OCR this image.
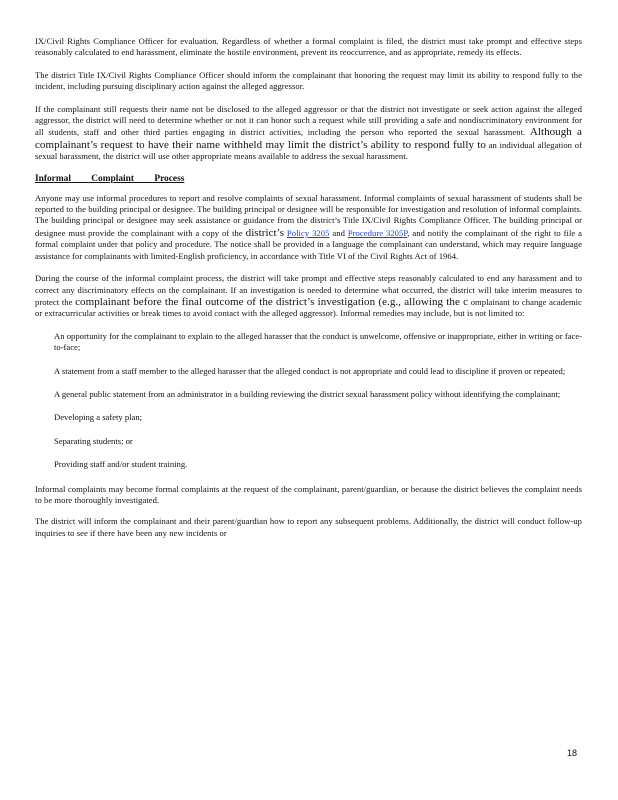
IX/Civil Rights Compliance Officer for evaluation. Regardless of whether a formal complaint is filed, the district must take prompt and effective steps reasonably calculated to end harassment, eliminate the hostile environment, prevent its reoccurrence, and as appropriate, remedy its effects.

The district Title IX/Civil Rights Compliance Officer should inform the complainant that honoring the request may limit its ability to respond fully to the incident, including pursuing disciplinary action against the alleged aggressor.

If the complainant still requests their name not be disclosed to the alleged aggressor or that the district not investigate or seek action against the alleged aggressor, the district will need to determine whether or not it can honor such a request while still providing a safe and nondiscriminatory environment for all students, staff and other third parties engaging in district activities, including the person who reported the sexual harassment. Although a complainant’s request to have their name withheld may limit the district’s ability to respond fully to an individual allegation of sexual harassment, the district will use other appropriate means available to address the sexual harassment.

Informal Complaint Process

Anyone may use informal procedures to report and resolve complaints of sexual harassment. Informal complaints of sexual harassment of students shall be reported to the building principal or designee. The building principal or designee will be responsible for investigation and resolution of informal complaints. The building principal or designee may seek assistance or guidance from the district’s Title IX/Civil Rights Compliance Officer. The building principal or designee must provide the complainant with a copy of the district’s Policy 3205 and Procedure 3205P, and notify the complainant of the right to file a formal complaint under that policy and procedure. The notice shall be provided in a language the complainant can understand, which may require language assistance for complainants with limited-English proficiency, in accordance with Title VI of the Civil Rights Act of 1964.

During the course of the informal complaint process, the district will take prompt and effective steps reasonably calculated to end any harassment and to correct any discriminatory effects on the complainant. If an investigation is needed to determine what occurred, the district will take interim measures to protect the complainant before the final outcome of the district’s investigation (e.g., allowing the c omplainant to change academic or extracurricular activities or break times to avoid contact with the alleged aggressor). Informal remedies may include, but is not limited to:

An opportunity for the complainant to explain to the alleged harasser that the conduct is unwelcome, offensive or inappropriate, either in writing or face-to-face;
A statement from a staff member to the alleged harasser that the alleged conduct is not appropriate and could lead to discipline if proven or repeated;
A general public statement from an administrator in a building reviewing the district sexual harassment policy without identifying the complainant;
Developing a safety plan;
Separating students; or
Providing staff and/or student training.

Informal complaints may become formal complaints at the request of the complainant, parent/guardian, or because the district believes the complaint needs to be more thoroughly investigated.

The district will inform the complainant and their parent/guardian how to report any subsequent problems. Additionally, the district will conduct follow-up inquiries to see if there have been any new incidents or

18
